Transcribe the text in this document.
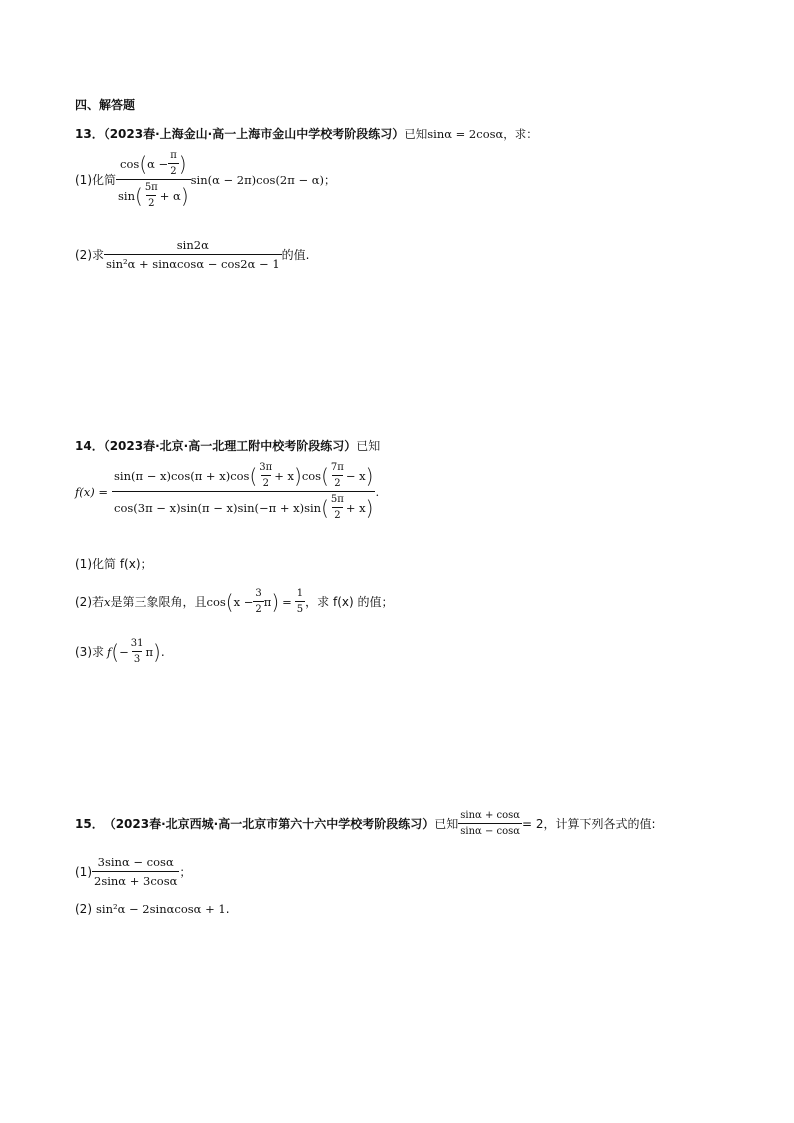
四、解答题
13．（2023春·上海金山·高一上海市金山中学校考阶段练习）已知sinα = 2cosα，求：
(1)化简 $\frac{\cos ( \alpha - \frac{\pi}{2} )}{\sin ( \frac{5\pi}{2} + \alpha )} \sin(\alpha - 2\pi)\cos(2\pi - \alpha)$；
(2)求 $\frac{\sin 2\alpha}{\text{sin²α + sinαcosα − cos2α − 1}}$ 的值.
14．（2023春·北京·高一北理工附中校考阶段练习）已知
f(x) =
sin(π − x)cos(π + x)cos ( $\frac{3\pi}{2} + x$ ) cos ( $\frac{7\pi}{2} - x$ )
cos(3π − x)sin(π − x)sin(−π + x)sin ( $\frac{5\pi}{2} + x$ )
.
(1)化简 f(x)；
(2)若 x 是第三象限角，且 cos ( $x - \frac{3}{2}$ π ) = $\frac{1}{5}$ ，求 f(x) 的值；
(3)求 f ( − $\frac{31}{3}$ π ) .
15． （2023春·北京西城·高一北京市第六十六中学校考阶段练习） 已知 $\frac{\sin\alpha + \cos\alpha}{\sin\alpha - \cos\alpha} = 2$，计算下列各式的值:
$(1) \frac{3\sin\alpha - \cos\alpha}{2\sin\alpha + 3\cos\alpha}$ ；
(2) sin²α − 2sinαcosα + 1 .
